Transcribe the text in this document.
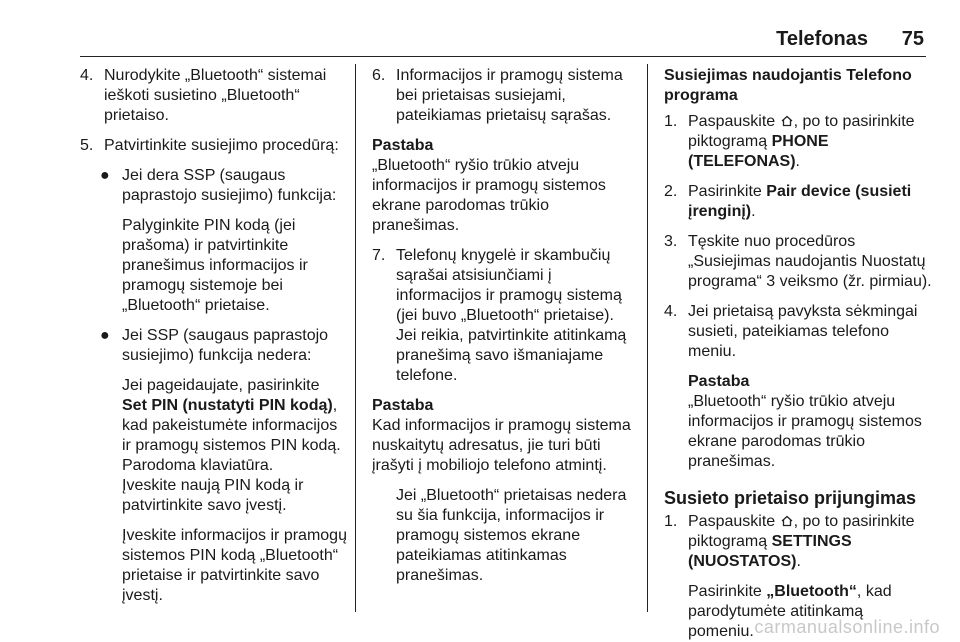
Telefonas 75

4. Nurodykite „Bluetooth“ sistemai ieškoti susietino „Bluetooth“ prietaiso.

5. Patvirtinkite susiejimo procedūrą:

● Jei dera SSP (saugaus paprastojo susiejimo) funkcija:

Palyginkite PIN kodą (jei prašoma) ir patvirtinkite pranešimus informacijos ir pramogų sistemoje bei „Bluetooth“ prietaise.

● Jei SSP (saugaus paprastojo susiejimo) funkcija nedera:

Jei pageidaujate, pasirinkite Set PIN (nustatyti PIN kodą), kad pakeistumėte informacijos ir pramogų sistemos PIN kodą.

Parodoma klaviatūra.

Įveskite naują PIN kodą ir patvirtinkite savo įvestį.

Įveskite informacijos ir pramogų sistemos PIN kodą „Bluetooth“ prietaise ir patvirtinkite savo įvestį.

6. Informacijos ir pramogų sistema bei prietaisas susiejami, pateikiamas prietaisų sąrašas.

Pastaba

„Bluetooth“ ryšio trūkio atveju informacijos ir pramogų sistemos ekrane parodomas trūkio pranešimas.

7. Telefonų knygelė ir skambučių sąrašai atsisiunčiami į informacijos ir pramogų sistemą (jei buvo „Bluetooth“ prietaise). Jei reikia, patvirtinkite atitinkamą pranešimą savo išmaniajame telefone.

Pastaba

Kad informacijos ir pramogų sistema nuskaitytų adresatus, jie turi būti įrašyti į mobiliojo telefono atmintį.

Jei „Bluetooth“ prietaisas nedera su šia funkcija, informacijos ir pramogų sistemos ekrane pateikiamas atitinkamas pranešimas.

Susiejimas naudojantis Telefono programa

1. Paspauskite , po to pasirinkite piktogramą PHONE (TELEFONAS).

2. Pasirinkite Pair device (susieti įrenginį).

3. Tęskite nuo procedūros „Susiejimas naudojantis Nuostatų programa“ 3 veiksmo (žr. pirmiau).

4. Jei prietaisą pavyksta sėkmingai susieti, pateikiamas telefono meniu.

Pastaba

„Bluetooth“ ryšio trūkio atveju informacijos ir pramogų sistemos ekrane parodomas trūkio pranešimas.

Susieto prietaiso prijungimas

1. Paspauskite , po to pasirinkite piktogramą SETTINGS (NUOSTATOS).

Pasirinkite „Bluetooth“, kad parodytumėte atitinkamą pomeniu. carmanualsonline.info
